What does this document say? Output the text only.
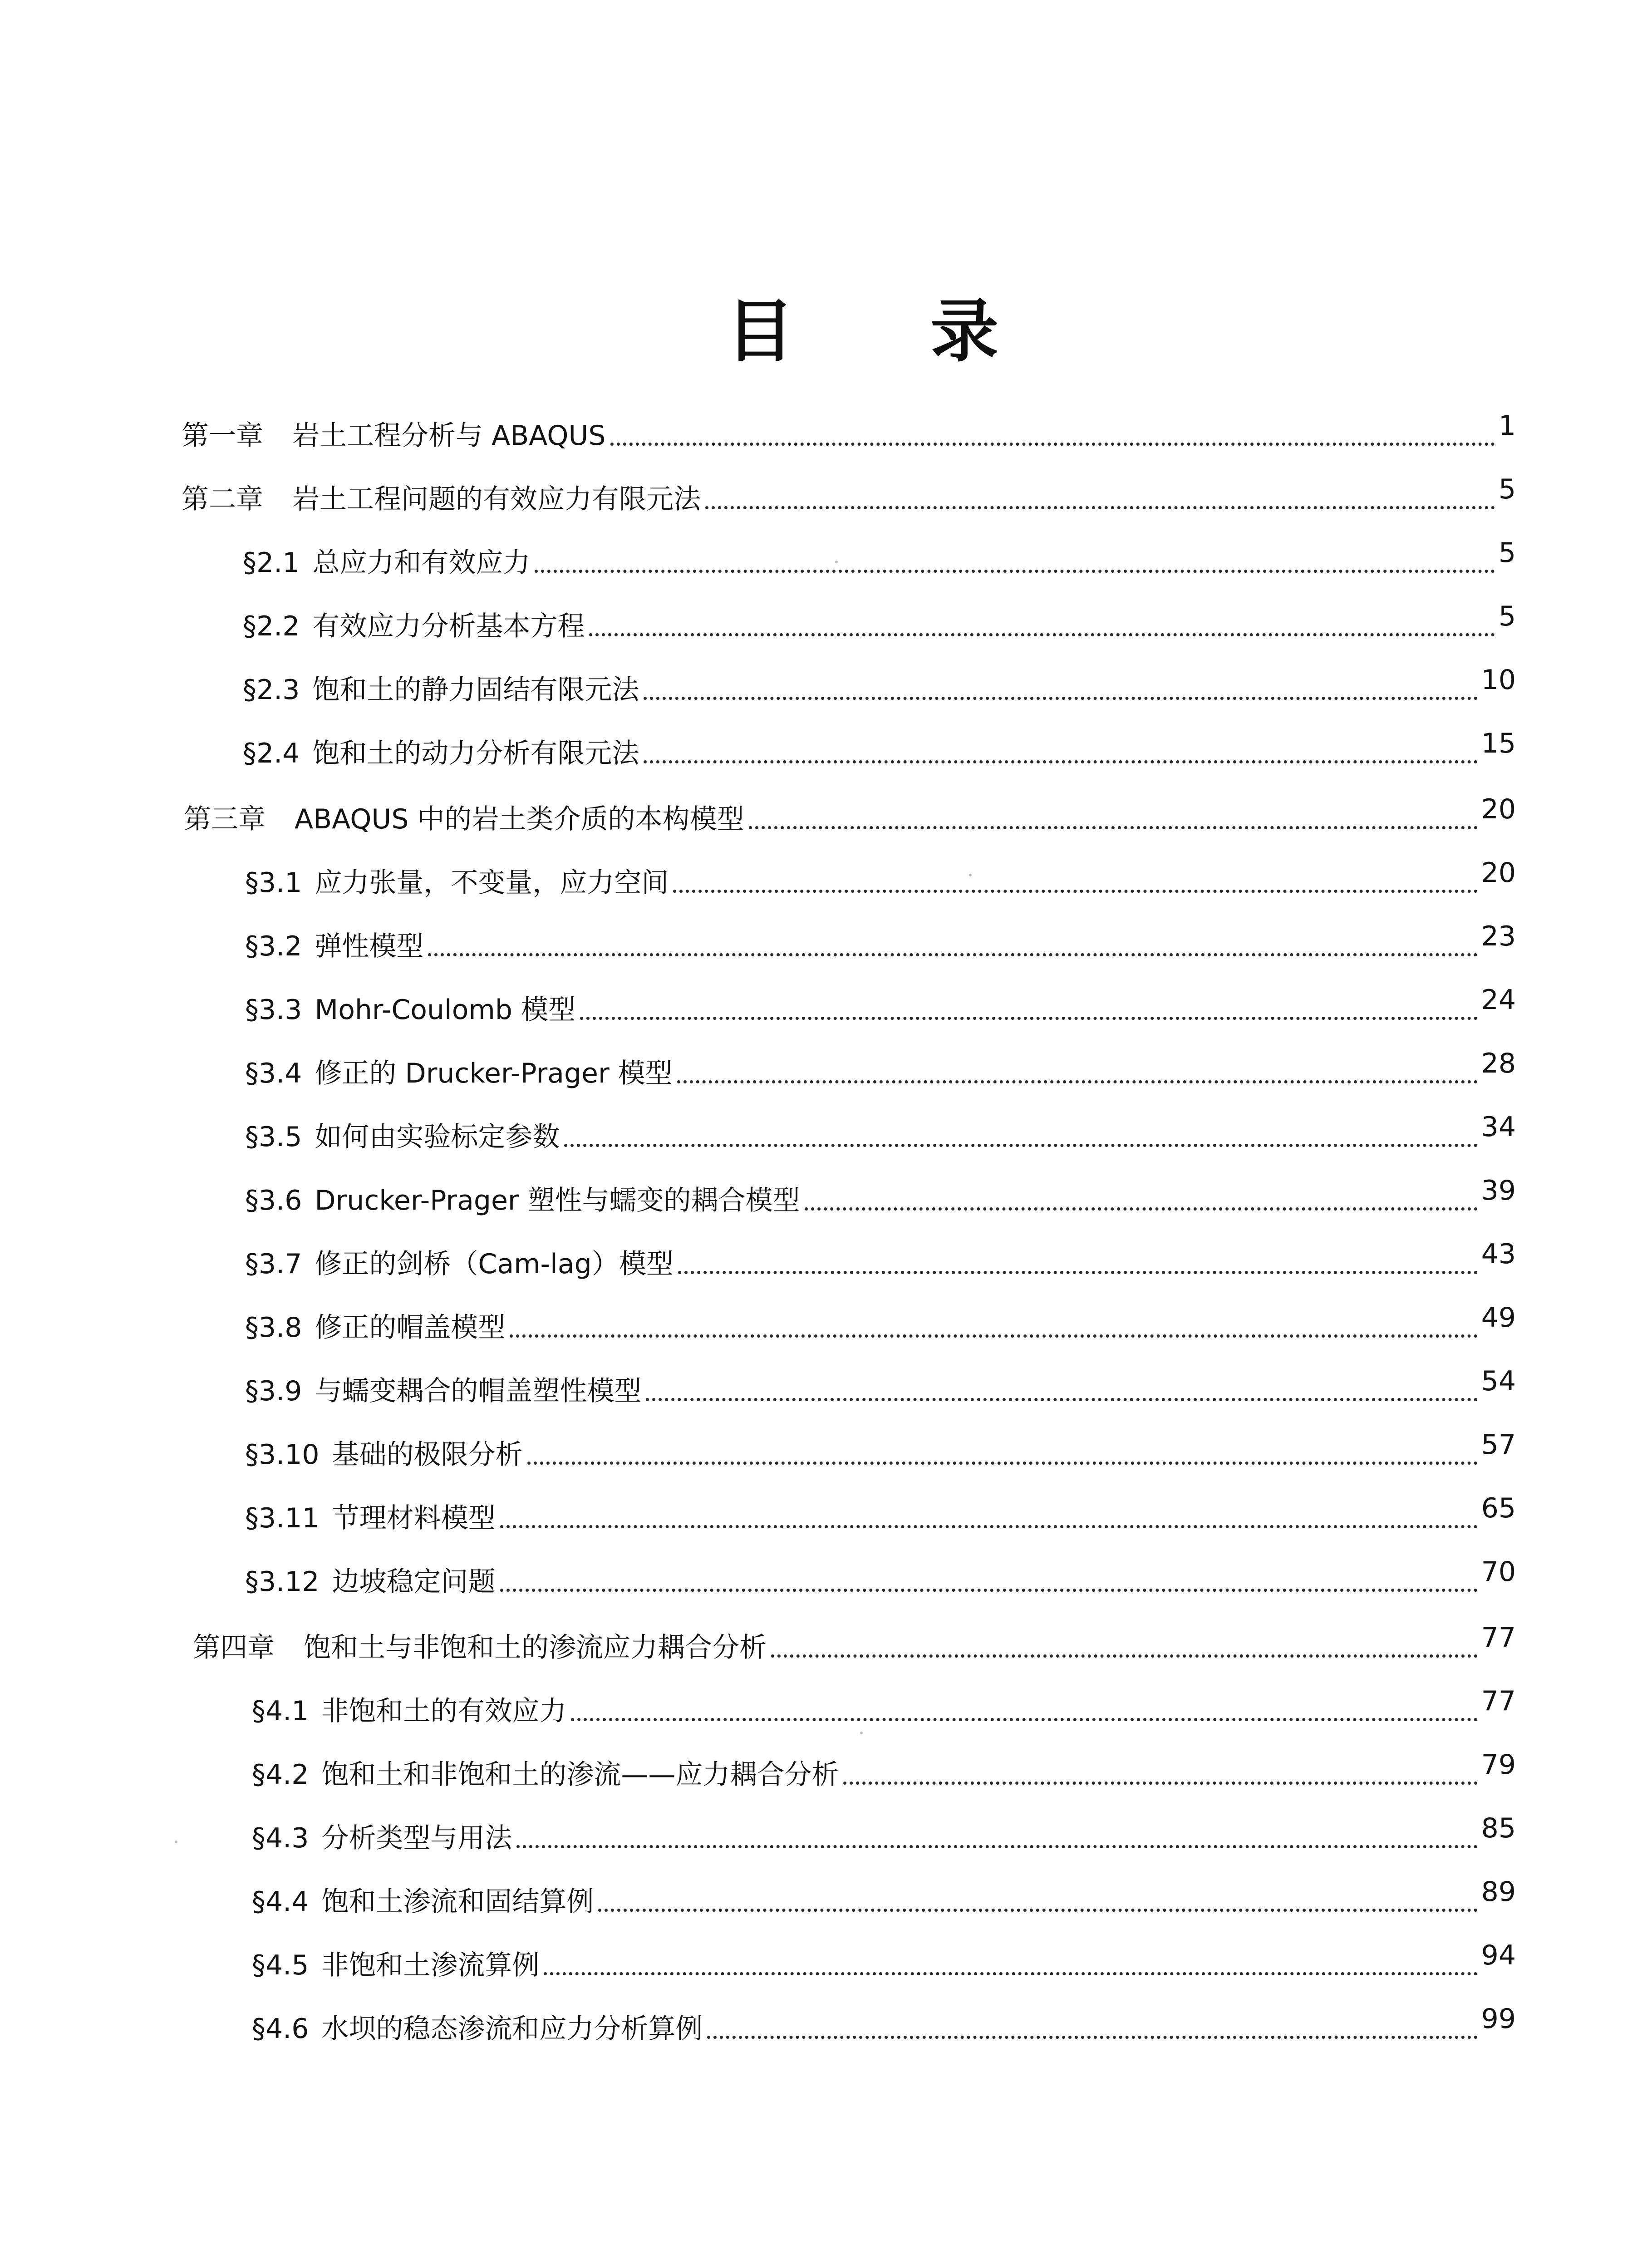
目 录
第一章 岩土工程分析与 ABAQUS	1
第二章 岩土工程问题的有效应力有限元法	5
§2.1 总应力和有效应力	5
§2.2 有效应力分析基本方程	5
§2.3 饱和土的静力固结有限元法	10
§2.4 饱和土的动力分析有限元法	15
第三章 ABAQUS 中的岩土类介质的本构模型	20
§3.1 应力张量，不变量，应力空间	20
§3.2 弹性模型	23
§3.3 Mohr-Coulomb 模型	24
§3.4 修正的 Drucker-Prager 模型	28
§3.5 如何由实验标定参数	34
§3.6 Drucker-Prager 塑性与蠕变的耦合模型	39
§3.7 修正的剑桥（Cam-lag）模型	43
§3.8 修正的帽盖模型	49
§3.9 与蠕变耦合的帽盖塑性模型	54
§3.10 基础的极限分析	57
§3.11 节理材料模型	65
§3.12 边坡稳定问题	70
第四章 饱和土与非饱和土的渗流应力耦合分析	77
§4.1 非饱和土的有效应力	77
§4.2 饱和土和非饱和土的渗流——应力耦合分析	79
§4.3 分析类型与用法	85
§4.4 饱和土渗流和固结算例	89
§4.5 非饱和土渗流算例	94
§4.6 水坝的稳态渗流和应力分析算例	99
